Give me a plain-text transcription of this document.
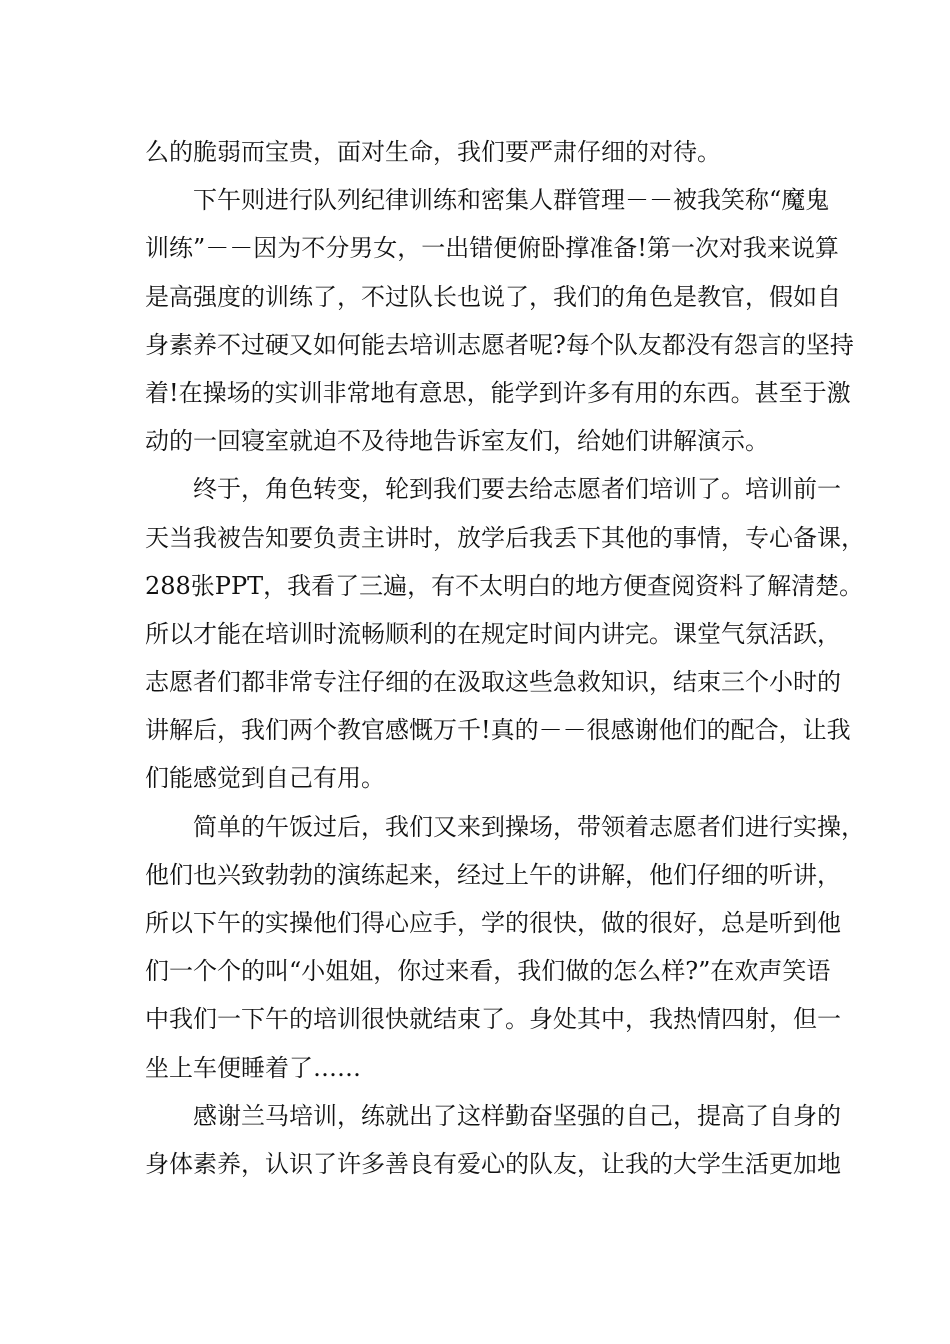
么的脆弱而宝贵，面对生命，我们要严肃仔细的对待。
下午则进行队列纪律训练和密集人群管理－－被我笑称“魔鬼
训练”－－因为不分男女，一出错便俯卧撑准备!第一次对我来说算
是高强度的训练了，不过队长也说了，我们的角色是教官，假如自
身素养不过硬又如何能去培训志愿者呢?每个队友都没有怨言的坚持
着!在操场的实训非常地有意思，能学到许多有用的东西。甚至于激
动的一回寝室就迫不及待地告诉室友们，给她们讲解演示。
终于，角色转变，轮到我们要去给志愿者们培训了。培训前一
天当我被告知要负责主讲时，放学后我丢下其他的事情，专心备课，
288张PPT，我看了三遍，有不太明白的地方便查阅资料了解清楚。
所以才能在培训时流畅顺利的在规定时间内讲完。课堂气氛活跃，
志愿者们都非常专注仔细的在汲取这些急救知识，结束三个小时的
讲解后，我们两个教官感慨万千!真的－－很感谢他们的配合，让我
们能感觉到自己有用。
简单的午饭过后，我们又来到操场，带领着志愿者们进行实操，
他们也兴致勃勃的演练起来，经过上午的讲解，他们仔细的听讲，
所以下午的实操他们得心应手，学的很快，做的很好，总是听到他
们一个个的叫“小姐姐，你过来看，我们做的怎么样?”在欢声笑语
中我们一下午的培训很快就结束了。身处其中，我热情四射，但一
坐上车便睡着了……
感谢兰马培训，练就出了这样勤奋坚强的自己，提高了自身的
身体素养，认识了许多善良有爱心的队友，让我的大学生活更加地
